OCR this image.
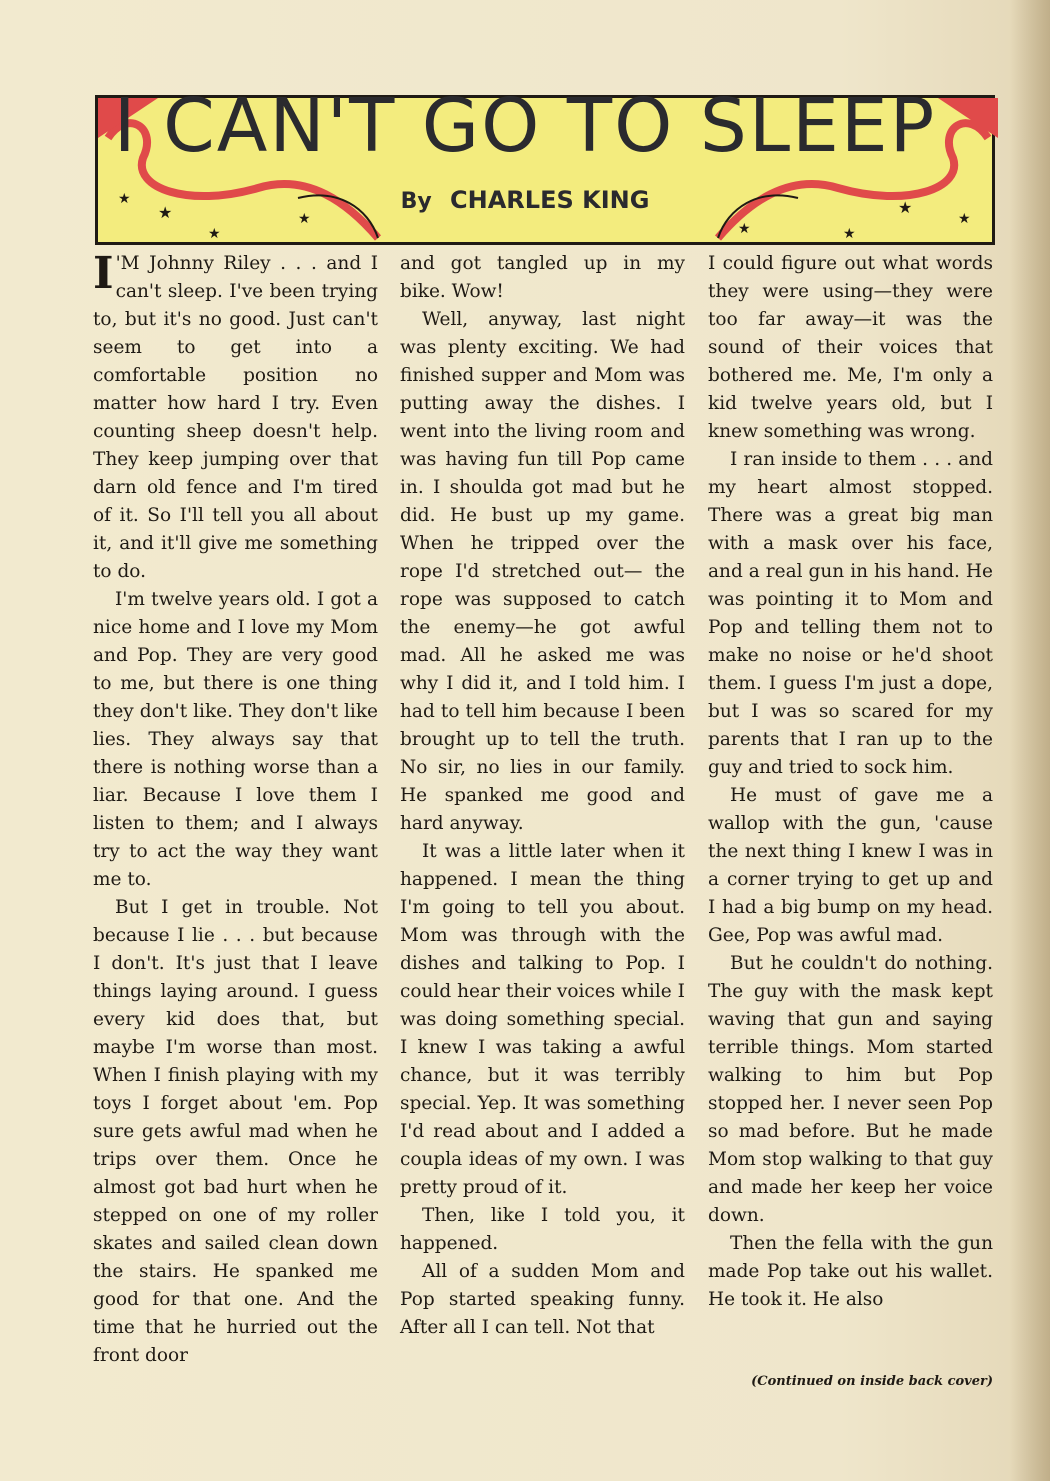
★
★
★
★
★
★
★
★
I CAN'T GO TO SLEEP
By CHARLES KING

I 'M Johnny Riley . . . and I can't sleep. I've been trying to, but it's no good. Just can't seem to get into a comfortable position no matter how hard I try. Even counting sheep doesn't help. They keep jumping over that darn old fence and I'm tired of it. So I'll tell you all about it, and it'll give me something to do.

I'm twelve years old. I got a nice home and I love my Mom and Pop. They are very good to me, but there is one thing they don't like. They don't like lies. They always say that there is nothing worse than a liar. Because I love them I listen to them; and I always try to act the way they want me to.

But I get in trouble. Not because I lie . . . but because I don't. It's just that I leave things laying around. I guess every kid does that, but maybe I'm worse than most. When I finish playing with my toys I forget about 'em. Pop sure gets awful mad when he trips over them. Once he almost got bad hurt when he stepped on one of my roller skates and sailed clean down the stairs. He spanked me good for that one. And the time that he hurried out the front door

and got tangled up in my bike. Wow!

Well, anyway, last night was plenty exciting. We had finished supper and Mom was putting away the dishes. I went into the living room and was having fun till Pop came in. I shoulda got mad but he did. He bust up my game. When he tripped over the rope I'd stretched out— the rope was supposed to catch the enemy—he got awful mad. All he asked me was why I did it, and I told him. I had to tell him because I been brought up to tell the truth. No sir, no lies in our family. He spanked me good and hard anyway.

It was a little later when it happened. I mean the thing I'm going to tell you about. Mom was through with the dishes and talking to Pop. I could hear their voices while I was doing something special. I knew I was taking a awful chance, but it was terribly special. Yep. It was something I'd read about and I added a coupla ideas of my own. I was pretty proud of it.

Then, like I told you, it happened.

All of a sudden Mom and Pop started speaking funny. After all I can tell. Not that

I could figure out what words they were using—they were too far away—it was the sound of their voices that bothered me. Me, I'm only a kid twelve years old, but I knew something was wrong.

I ran inside to them . . . and my heart almost stopped. There was a great big man with a mask over his face, and a real gun in his hand. He was pointing it to Mom and Pop and telling them not to make no noise or he'd shoot them. I guess I'm just a dope, but I was so scared for my parents that I ran up to the guy and tried to sock him.

He must of gave me a wallop with the gun, 'cause the next thing I knew I was in a corner trying to get up and I had a big bump on my head. Gee, Pop was awful mad.

But he couldn't do nothing. The guy with the mask kept waving that gun and saying terrible things. Mom started walking to him but Pop stopped her. I never seen Pop so mad before. But he made Mom stop walking to that guy and made her keep her voice down.

Then the fella with the gun made Pop take out his wallet. He took it. He also

(Continued on inside back cover)
